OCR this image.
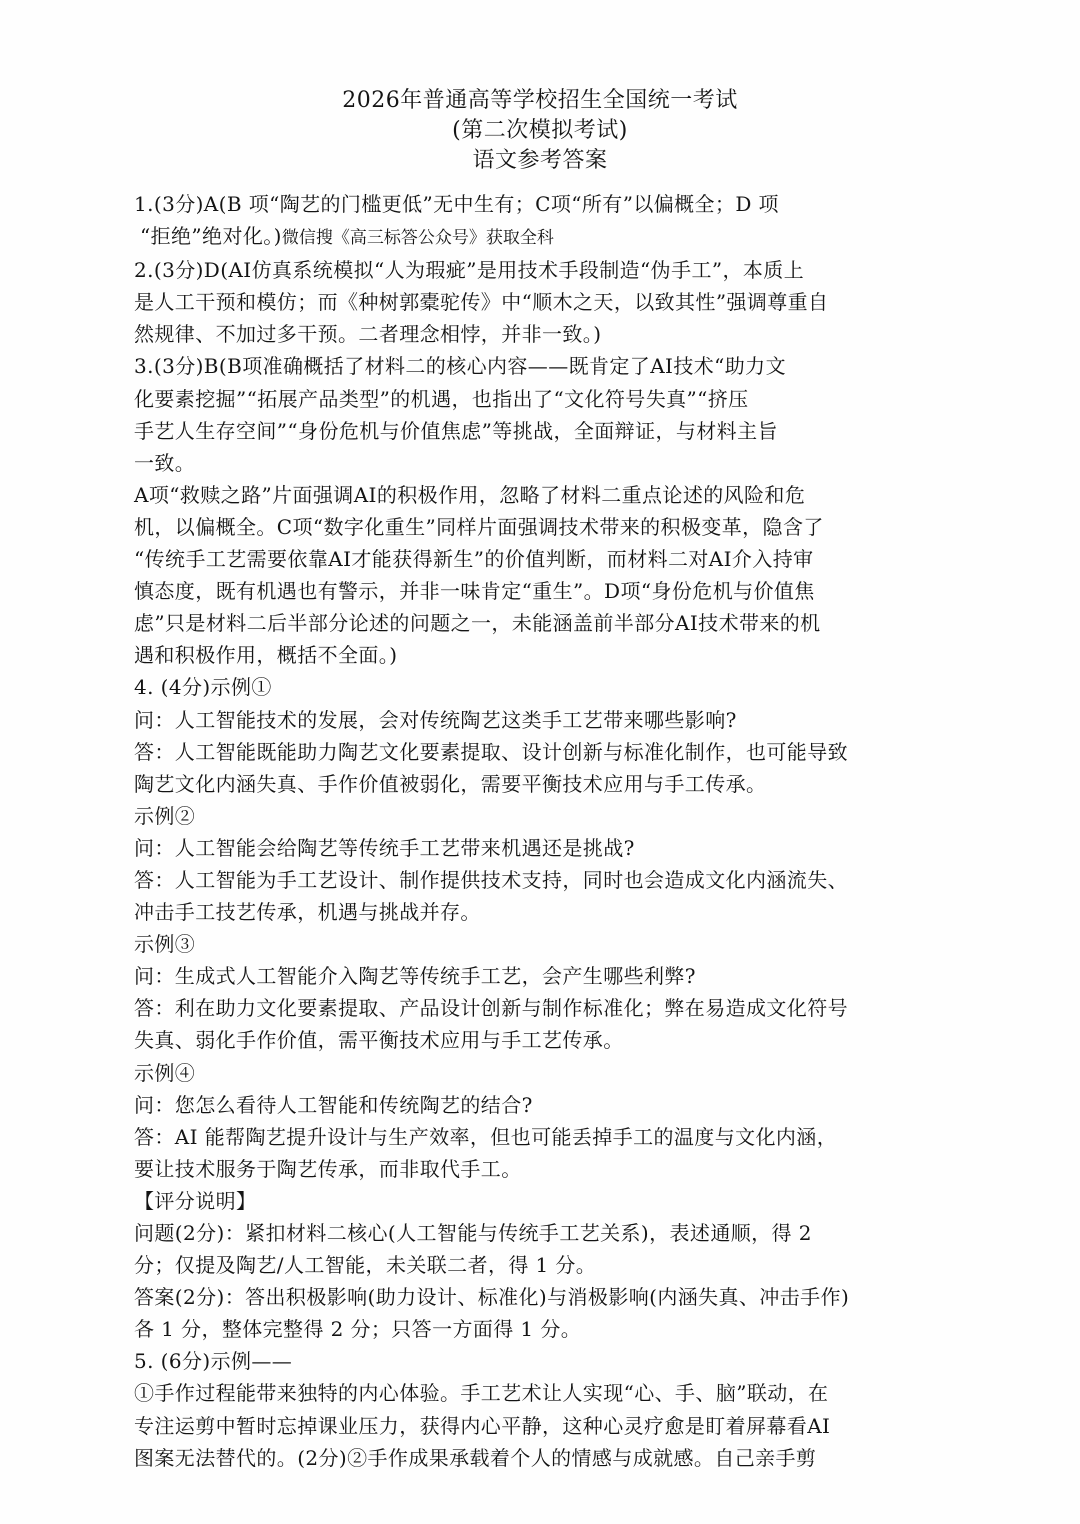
2026年普通高等学校招生全国统一考试
(第二次模拟考试)
语文参考答案

1.(3分)A(B 项“陶艺的门槛更低”无中生有；C项“所有”以偏概全；D 项

“拒绝”绝对化。)微信搜《高三标答公众号》获取全科

2.(3分)D(AI仿真系统模拟“人为瑕疵”是用技术手段制造“伪手工”，本质上

是人工干预和模仿；而《种树郭橐驼传》中“顺木之天，以致其性”强调尊重自

然规律、不加过多干预。二者理念相悖，并非一致。)

3.(3分)B(B项准确概括了材料二的核心内容——既肯定了AI技术“助力文

化要素挖掘”“拓展产品类型”的机遇，也指出了“文化符号失真”“挤压

手艺人生存空间”“身份危机与价值焦虑”等挑战，全面辩证，与材料主旨

一致。

A项“救赎之路”片面强调AI的积极作用，忽略了材料二重点论述的风险和危

机，以偏概全。C项“数字化重生”同样片面强调技术带来的积极变革，隐含了

“传统手工艺需要依靠AI才能获得新生”的价值判断，而材料二对AI介入持审

慎态度，既有机遇也有警示，并非一味肯定“重生”。D项“身份危机与价值焦

虑”只是材料二后半部分论述的问题之一，未能涵盖前半部分AI技术带来的机

遇和积极作用，概括不全面。)

4. (4分)示例①

问：人工智能技术的发展，会对传统陶艺这类手工艺带来哪些影响?

答：人工智能既能助力陶艺文化要素提取、设计创新与标准化制作，也可能导致

陶艺文化内涵失真、手作价值被弱化，需要平衡技术应用与手工传承。

示例②

问：人工智能会给陶艺等传统手工艺带来机遇还是挑战?

答：人工智能为手工艺设计、制作提供技术支持，同时也会造成文化内涵流失、

冲击手工技艺传承，机遇与挑战并存。

示例③

问：生成式人工智能介入陶艺等传统手工艺，会产生哪些利弊?

答：利在助力文化要素提取、产品设计创新与制作标准化；弊在易造成文化符号

失真、弱化手作价值，需平衡技术应用与手工艺传承。

示例④

问：您怎么看待人工智能和传统陶艺的结合?

答：AI 能帮陶艺提升设计与生产效率，但也可能丢掉手工的温度与文化内涵，

要让技术服务于陶艺传承，而非取代手工。

【评分说明】

问题(2分)：紧扣材料二核心(人工智能与传统手工艺关系)，表述通顺，得 2

分；仅提及陶艺/人工智能，未关联二者，得 1 分。

答案(2分)：答出积极影响(助力设计、标准化)与消极影响(内涵失真、冲击手作)

各 1 分，整体完整得 2 分；只答一方面得 1 分。

5. (6分)示例——

①手作过程能带来独特的内心体验。手工艺术让人实现“心、手、脑”联动，在

专注运剪中暂时忘掉课业压力，获得内心平静，这种心灵疗愈是盯着屏幕看AI

图案无法替代的。(2分)②手作成果承载着个人的情感与成就感。自己亲手剪
